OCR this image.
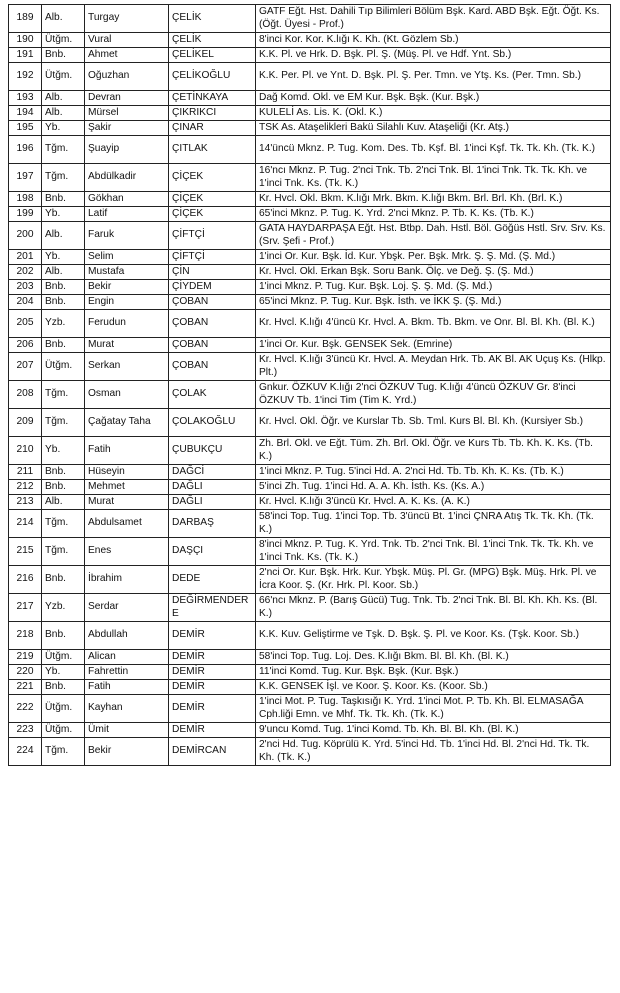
189	Alb.	Turgay	ÇELİK	GATF Eğt. Hst. Dahili Tıp Bilimleri Bölüm Bşk. Kard. ABD Bşk. Eğt. Öğt. Ks. (Öğt. Üyesi - Prof.)
190	Ütğm.	Vural	ÇELİK	8'inci Kor. Kor. K.lığı K. Kh. (Kt. Gözlem Sb.)
191	Bnb.	Ahmet	ÇELİKEL	K.K. Pl. ve Hrk. D. Bşk. Pl. Ş. (Müş. Pl. ve Hdf. Ynt. Sb.)
192	Ütğm.	Oğuzhan	ÇELİKOĞLU	K.K. Per. Pl. ve Ynt. D. Bşk. Pl. Ş. Per. Tmn. ve Ytş. Ks. (Per. Tmn. Sb.)
193	Alb.	Devran	ÇETİNKAYA	Dağ Komd. Okl. ve EM Kur. Bşk. Bşk. (Kur. Bşk.)
194	Alb.	Mürsel	ÇIKRIKCI	KULELİ As. Lis. K. (Okl. K.)
195	Yb.	Şakir	ÇINAR	TSK As. Ataşelikleri Bakü Silahlı Kuv. Ataşeliği (Kr. Atş.)
196	Tğm.	Şuayip	ÇITLAK	14'üncü Mknz. P. Tug. Kom. Des. Tb. Kşf. Bl. 1'inci Kşf. Tk. Tk. Kh. (Tk. K.)
197	Tğm.	Abdülkadir	ÇİÇEK	16'ncı Mknz. P. Tug. 2'nci Tnk. Tb. 2'nci Tnk. Bl. 1'inci Tnk. Tk. Tk. Kh. ve 1'inci Tnk. Ks. (Tk. K.)
198	Bnb.	Gökhan	ÇİÇEK	Kr. Hvcl. Okl. Bkm. K.lığı Mrk. Bkm. K.lığı Bkm. Brl. Brl. Kh. (Brl. K.)
199	Yb.	Latif	ÇİÇEK	65'inci Mknz. P. Tug. K. Yrd. 2'nci Mknz. P. Tb. K. Ks. (Tb. K.)
200	Alb.	Faruk	ÇİFTÇİ	GATA HAYDARPAŞA Eğt. Hst. Btbp. Dah. Hstl. Böl. Göğüs Hstl. Srv. Srv. Ks. (Srv. Şefi - Prof.)
201	Yb.	Selim	ÇİFTÇİ	1'inci Or. Kur. Bşk. İd. Kur. Ybşk. Per. Bşk. Mrk. Ş. Ş. Md. (Ş. Md.)
202	Alb.	Mustafa	ÇİN	Kr. Hvcl. Okl. Erkan Bşk. Soru Bank. Ölç. ve Değ. Ş. (Ş. Md.)
203	Bnb.	Bekir	ÇİYDEM	1'inci Mknz. P. Tug. Kur. Bşk. Loj. Ş. Ş. Md. (Ş. Md.)
204	Bnb.	Engin	ÇOBAN	65'inci Mknz. P. Tug. Kur. Bşk. İsth. ve İKK Ş. (Ş. Md.)
205	Yzb.	Ferudun	ÇOBAN	Kr. Hvcl. K.lığı 4'üncü Kr. Hvcl. A. Bkm. Tb. Bkm. ve Onr. Bl. Bl. Kh. (Bl. K.)
206	Bnb.	Murat	ÇOBAN	1'inci Or. Kur. Bşk. GENSEK Sek. (Emrine)
207	Ütğm.	Serkan	ÇOBAN	Kr. Hvcl. K.lığı 3'üncü Kr. Hvcl. A. Meydan Hrk. Tb. AK Bl. AK Uçuş Ks. (Hlkp. Plt.)
208	Tğm.	Osman	ÇOLAK	Gnkur. ÖZKUV K.lığı 2'nci ÖZKUV Tug. K.lığı 4'üncü ÖZKUV Gr. 8'inci ÖZKUV Tb. 1'inci Tim (Tim K. Yrd.)
209	Tğm.	Çağatay Taha	ÇOLAKOĞLU	Kr. Hvcl. Okl. Öğr. ve Kurslar Tb. Sb. Tml. Kurs Bl. Bl. Kh. (Kursiyer Sb.)
210	Yb.	Fatih	ÇUBUKÇU	Zh. Brl. Okl. ve Eğt. Tüm. Zh. Brl. Okl. Öğr. ve Kurs Tb. Tb. Kh. K. Ks. (Tb. K.)
211	Bnb.	Hüseyin	DAĞCİ	1'inci Mknz. P. Tug. 5'inci Hd. A. 2'nci Hd. Tb. Tb. Kh. K. Ks. (Tb. K.)
212	Bnb.	Mehmet	DAĞLI	5'inci Zh. Tug. 1'inci Hd. A. A. Kh. İsth. Ks. (Ks. A.)
213	Alb.	Murat	DAĞLI	Kr. Hvcl. K.lığı 3'üncü Kr. Hvcl. A. K. Ks. (A. K.)
214	Tğm.	Abdulsamet	DARBAŞ	58'inci Top. Tug. 1'inci Top. Tb. 3'üncü Bt. 1'inci ÇNRA Atış Tk. Tk. Kh. (Tk. K.)
215	Tğm.	Enes	DAŞÇI	8'inci Mknz. P. Tug. K. Yrd. Tnk. Tb. 2'nci Tnk. Bl. 1'inci Tnk. Tk. Tk. Kh. ve 1'inci Tnk. Ks. (Tk. K.)
216	Bnb.	İbrahim	DEDE	2'nci Or. Kur. Bşk. Hrk. Kur. Ybşk. Müş. Pl. Gr. (MPG) Bşk. Müş. Hrk. Pl. ve İcra Koor. Ş. (Kr. Hrk. Pl. Koor. Sb.)
217	Yzb.	Serdar	DEĞİRMENDERE	66'ncı Mknz. P. (Barış Gücü) Tug. Tnk. Tb. 2'nci Tnk. Bl. Bl. Kh. Kh. Ks. (Bl. K.)
218	Bnb.	Abdullah	DEMİR	K.K. Kuv. Geliştirme ve Tşk. D. Bşk. Ş. Pl. ve Koor. Ks. (Tşk. Koor. Sb.)
219	Ütğm.	Alican	DEMİR	58'inci Top. Tug. Loj. Des. K.lığı Bkm. Bl. Bl. Kh. (Bl. K.)
220	Yb.	Fahrettin	DEMİR	11'inci Komd. Tug. Kur. Bşk. Bşk. (Kur. Bşk.)
221	Bnb.	Fatih	DEMİR	K.K. GENSEK İşl. ve Koor. Ş. Koor. Ks. (Koor. Sb.)
222	Ütğm.	Kayhan	DEMİR	1'inci Mot. P. Tug. Taşkısığı K. Yrd. 1'inci Mot. P. Tb. Kh. Bl. ELMASAĞA Cph.liği Emn. ve Mhf. Tk. Tk. Kh. (Tk. K.)
223	Ütğm.	Ümit	DEMİR	9'uncu Komd. Tug. 1'inci Komd. Tb. Kh. Bl. Bl. Kh. (Bl. K.)
224	Tğm.	Bekir	DEMİRCAN	2'nci Hd. Tug. Köprülü K. Yrd. 5'inci Hd. Tb. 1'inci Hd. Bl. 2'nci Hd. Tk. Tk. Kh. (Tk. K.)
